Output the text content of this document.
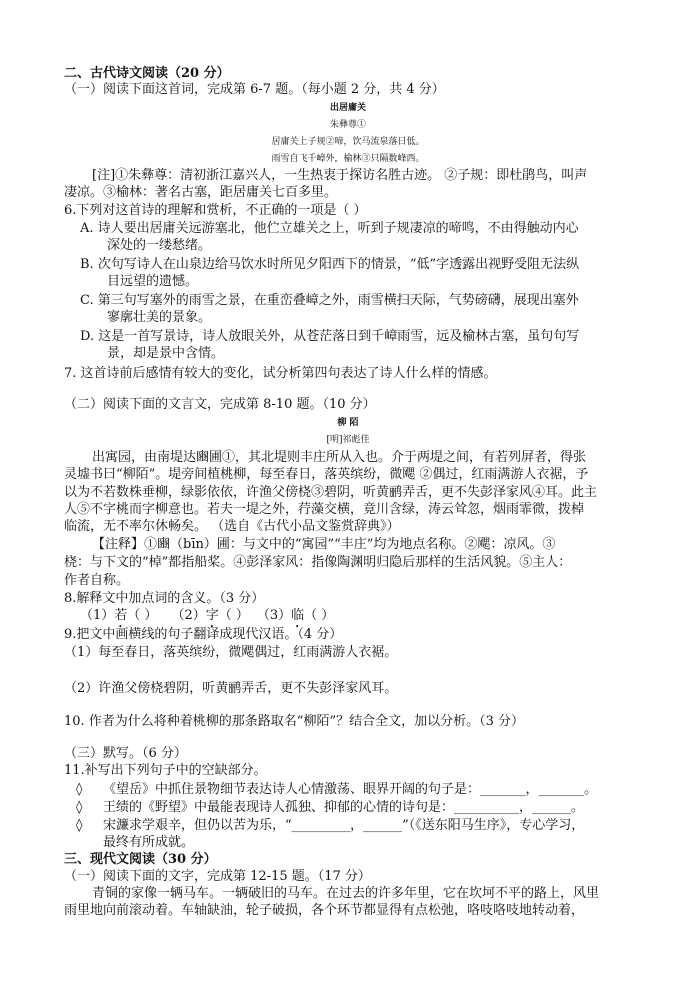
二、古代诗文阅读（20 分）
（一）阅读下面这首词，完成第 6-7 题。（每小题 2 分，共 4 分）
出居庸关
朱彝尊①
居庸关上子规②啼，饮马流泉落日低。
雨雪自飞千嶂外，榆林③只隔数峰西。
[注]①朱彝尊：清初浙江嘉兴人，一生热衷于探访名胜古迹。 ②子规：即杜鹃鸟，叫声
凄凉。③榆林：著名古塞，距居庸关七百多里。
6.下列对这首诗的理解和赏析，不正确的一项是（ ）
A. 诗人要出居庸关远游塞北，他伫立雄关之上，听到子规凄凉的啼鸣，不由得触动内心
深处的一缕愁绪。
B. 次句写诗人在山泉边给马饮水时所见夕阳西下的情景，“低”字透露出视野受阻无法纵
目远望的遗憾。
C. 第三句写塞外的雨雪之景，在重峦叠嶂之外，雨雪横扫天际，气势磅礴，展现出塞外
寥廓壮美的景象。
D. 这是一首写景诗，诗人放眼关外，从苍茫落日到千嶂雨雪，远及榆林古塞，虽句句写
景，却是景中含情。
7. 这首诗前后感情有较大的变化，试分析第四句表达了诗人什么样的情感。
（二）阅读下面的文言文，完成第 8-10 题。（10 分）
柳 陌
[明]祁彪佳
出寓园，由南堤达豳圃①，其北堤则丰庄所从入也。介于两堤之间，有若列屏者，得张
灵墟书曰“柳陌”。堤旁间植桃柳，每至春日，落英缤纷，微飔 ②偶过，红雨满游人衣裾，予
以为不若数株垂柳，绿影依依，许渔父傍桡③碧阴，听黄鹂弄舌，更不失彭泽家风④耳。此主
人⑤不字桃而字柳意也。若夫一堤之外，荇藻交横，竟川含绿，涛云耸忽，烟雨霏微，拨棹
临流，无不率尔休畅矣。 （选自《古代小品文鉴赏辞典》）
【注释】①豳（bīn）圃：与文中的“寓园”“丰庄”均为地点名称。②飔：凉风。③
桡：与下文的“棹”都指船桨。④彭泽家风：指像陶渊明归隐后那样的生活风貌。⑤主人：
作者自称。
8.解释文中加点词的含义。（3 分）
（1）若（ ） （2）字（ ） （3）临（ ）
9.把文中画横线的句子翻译成现代汉语。（4 分）
（1）每至春日，落英缤纷，微飔偶过，红雨满游人衣裾。
（2）许渔父傍桡碧阴，听黄鹂弄舌，更不失彭泽家风耳。
10. 作者为什么将种着桃柳的那条路取名“柳陌”？结合全文，加以分析。（3 分）
（三）默写。（6 分）
11.补写出下列句子中的空缺部分。
◊ 《望岳》中抓住景物细节表达诗人心情激荡、眼界开阔的句子是：_______，_______。
◊ 王绩的《野望》中最能表现诗人孤独、抑郁的心情的诗句是：__________，______。
◊ 宋濂求学艰辛，但仍以苦为乐，“_________，______”（《送东阳马生序》，专心学习，
最终有所成就。
三、现代文阅读（30 分）
（一）阅读下面的文字，完成第 12-15 题。（17 分）
青铜的家像一辆马车。一辆破旧的马车。在过去的许多年里，它在坎坷不平的路上，风里
雨里地向前滚动着。车轴缺油，轮子破损，各个环节都显得有点松弛，咯吱咯吱地转动着，
